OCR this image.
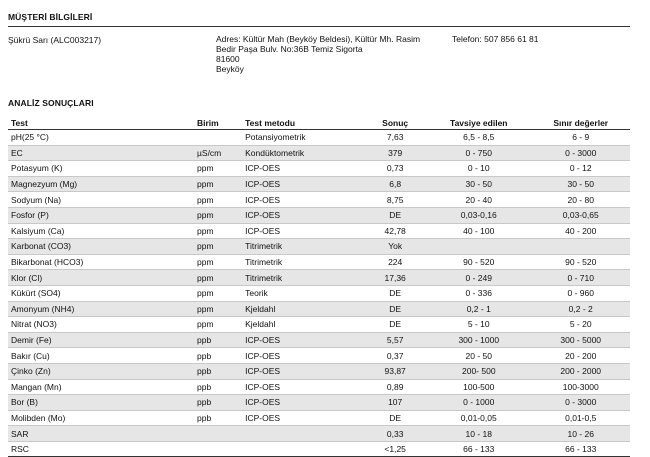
MÜŞTERİ BİLGİLERİ
Şükrü Sarı (ALC003217)	Adres: Kültür Mah (Beyköy Beldesi), Kültür Mh. Rasim
Bedir Paşa Bulv. No:36B Temiz Sigorta
81600
Beyköy
Telefon: 507 856 61 81
ANALİZ SONUÇLARI
Test	Birim	Test metodu	Sonuç	Tavsiye edilen	Sınır değerler
pH(25 °C)		Potansiyometrik	7,63	6,5 - 8,5	6 - 9
EC	µS/cm	Kondüktometrik	379	0 - 750	0 - 3000
Potasyum (K)	ppm	ICP-OES	0,73	0 - 10	0 - 12
Magnezyum (Mg)	ppm	ICP-OES	6,8	30 - 50	30 - 50
Sodyum (Na)	ppm	ICP-OES	8,75	20 - 40	20 - 80
Fosfor (P)	ppm	ICP-OES	DE	0,03-0,16	0,03-0,65
Kalsiyum (Ca)	ppm	ICP-OES	42,78	40 - 100	40 - 200
Karbonat (CO3)	ppm	Titrimetrik	Yok		
Bikarbonat (HCO3)	ppm	Titrimetrik	224	90 - 520	90 - 520
Klor (Cl)	ppm	Titrimetrik	17,36	0 - 249	0 - 710
Kükürt (SO4)	ppm	Teorik	DE	0 - 336	0 - 960
Amonyum (NH4)	ppm	Kjeldahl	DE	0,2 - 1	0,2 - 2
Nitrat (NO3)	ppm	Kjeldahl	DE	5 - 10	5 - 20
Demir (Fe)	ppb	ICP-OES	5,57	300 - 1000	300 - 5000
Bakır (Cu)	ppb	ICP-OES	0,37	20 - 50	20 - 200
Çinko (Zn)	ppb	ICP-OES	93,87	200- 500	200 - 2000
Mangan (Mn)	ppb	ICP-OES	0,89	100-500	100-3000
Bor (B)	ppb	ICP-OES	107	0 - 1000	0 - 3000
Molibden (Mo)	ppb	ICP-OES	DE	0,01-0,05	0,01-0,5
SAR			0,33	10 - 18	10 - 26
RSC			<1,25	66 - 133	66 - 133
